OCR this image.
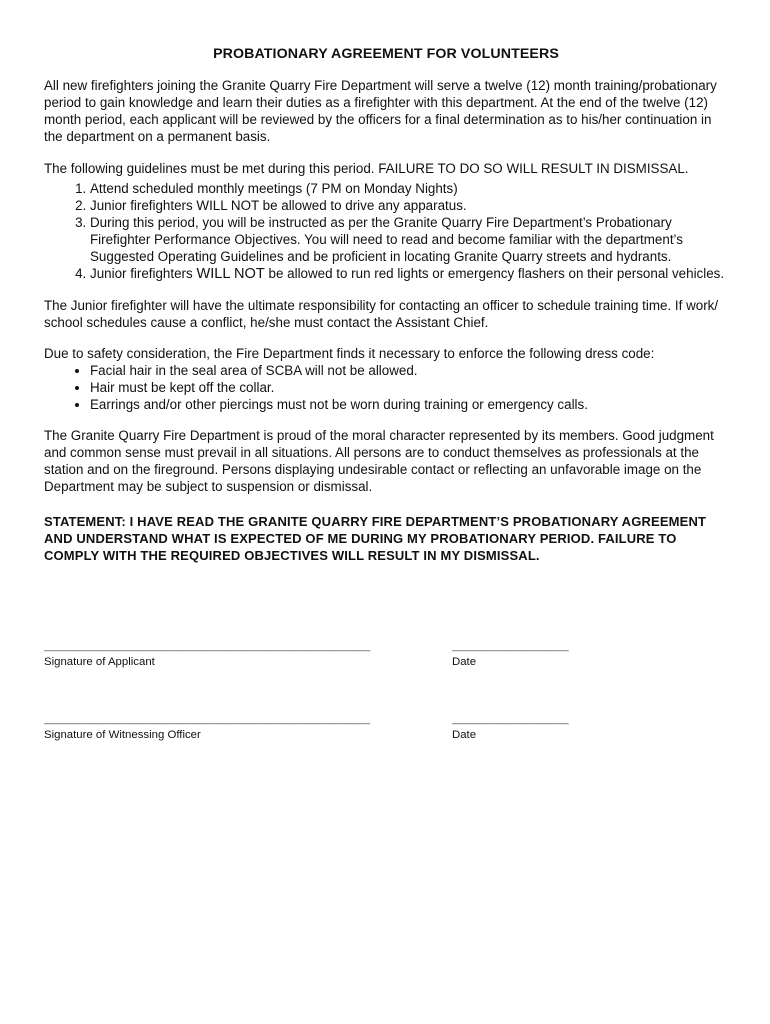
PROBATIONARY AGREEMENT FOR VOLUNTEERS

All new firefighters joining the Granite Quarry Fire Department will serve a twelve (12) month training/probationary period to gain knowledge and learn their duties as a firefighter with this department. At the end of the twelve (12) month period, each applicant will be reviewed by the officers for a final determination as to his/her continuation in the department on a permanent basis.

The following guidelines must be met during this period. FAILURE TO DO SO WILL RESULT IN DISMISSAL.

1. Attend scheduled monthly meetings (7 PM on Monday Nights)
2. Junior firefighters WILL NOT be allowed to drive any apparatus.
3. During this period, you will be instructed as per the Granite Quarry Fire Department’s Probationary Firefighter Performance Objectives. You will need to read and become familiar with the department’s Suggested Operating Guidelines and be proficient in locating Granite Quarry streets and hydrants.
4. Junior firefighters WILL NOT be allowed to run red lights or emergency flashers on their personal vehicles.

The Junior firefighter will have the ultimate responsibility for contacting an officer to schedule training time. If work/ school schedules cause a conflict, he/she must contact the Assistant Chief.

Due to safety consideration, the Fire Department finds it necessary to enforce the following dress code:

• Facial hair in the seal area of SCBA will not be allowed.
• Hair must be kept off the collar.
• Earrings and/or other piercings must not be worn during training or emergency calls.

The Granite Quarry Fire Department is proud of the moral character represented by its members. Good judgment and common sense must prevail in all situations. All persons are to conduct themselves as professionals at the station and on the fireground. Persons displaying undesirable contact or reflecting an unfavorable image on the Department may be subject to suspension or dismissal.

STATEMENT: I HAVE READ THE GRANITE QUARRY FIRE DEPARTMENT’S PROBATIONARY AGREEMENT AND UNDERSTAND WHAT IS EXPECTED OF ME DURING MY PROBATIONARY PERIOD. FAILURE TO COMPLY WITH THE REQUIRED OBJECTIVES WILL RESULT IN MY DISMISSAL.

________________________________________________________
Signature of Applicant
____________________
Date
________________________________________________________
Signature of Witnessing Officer
____________________
Date
